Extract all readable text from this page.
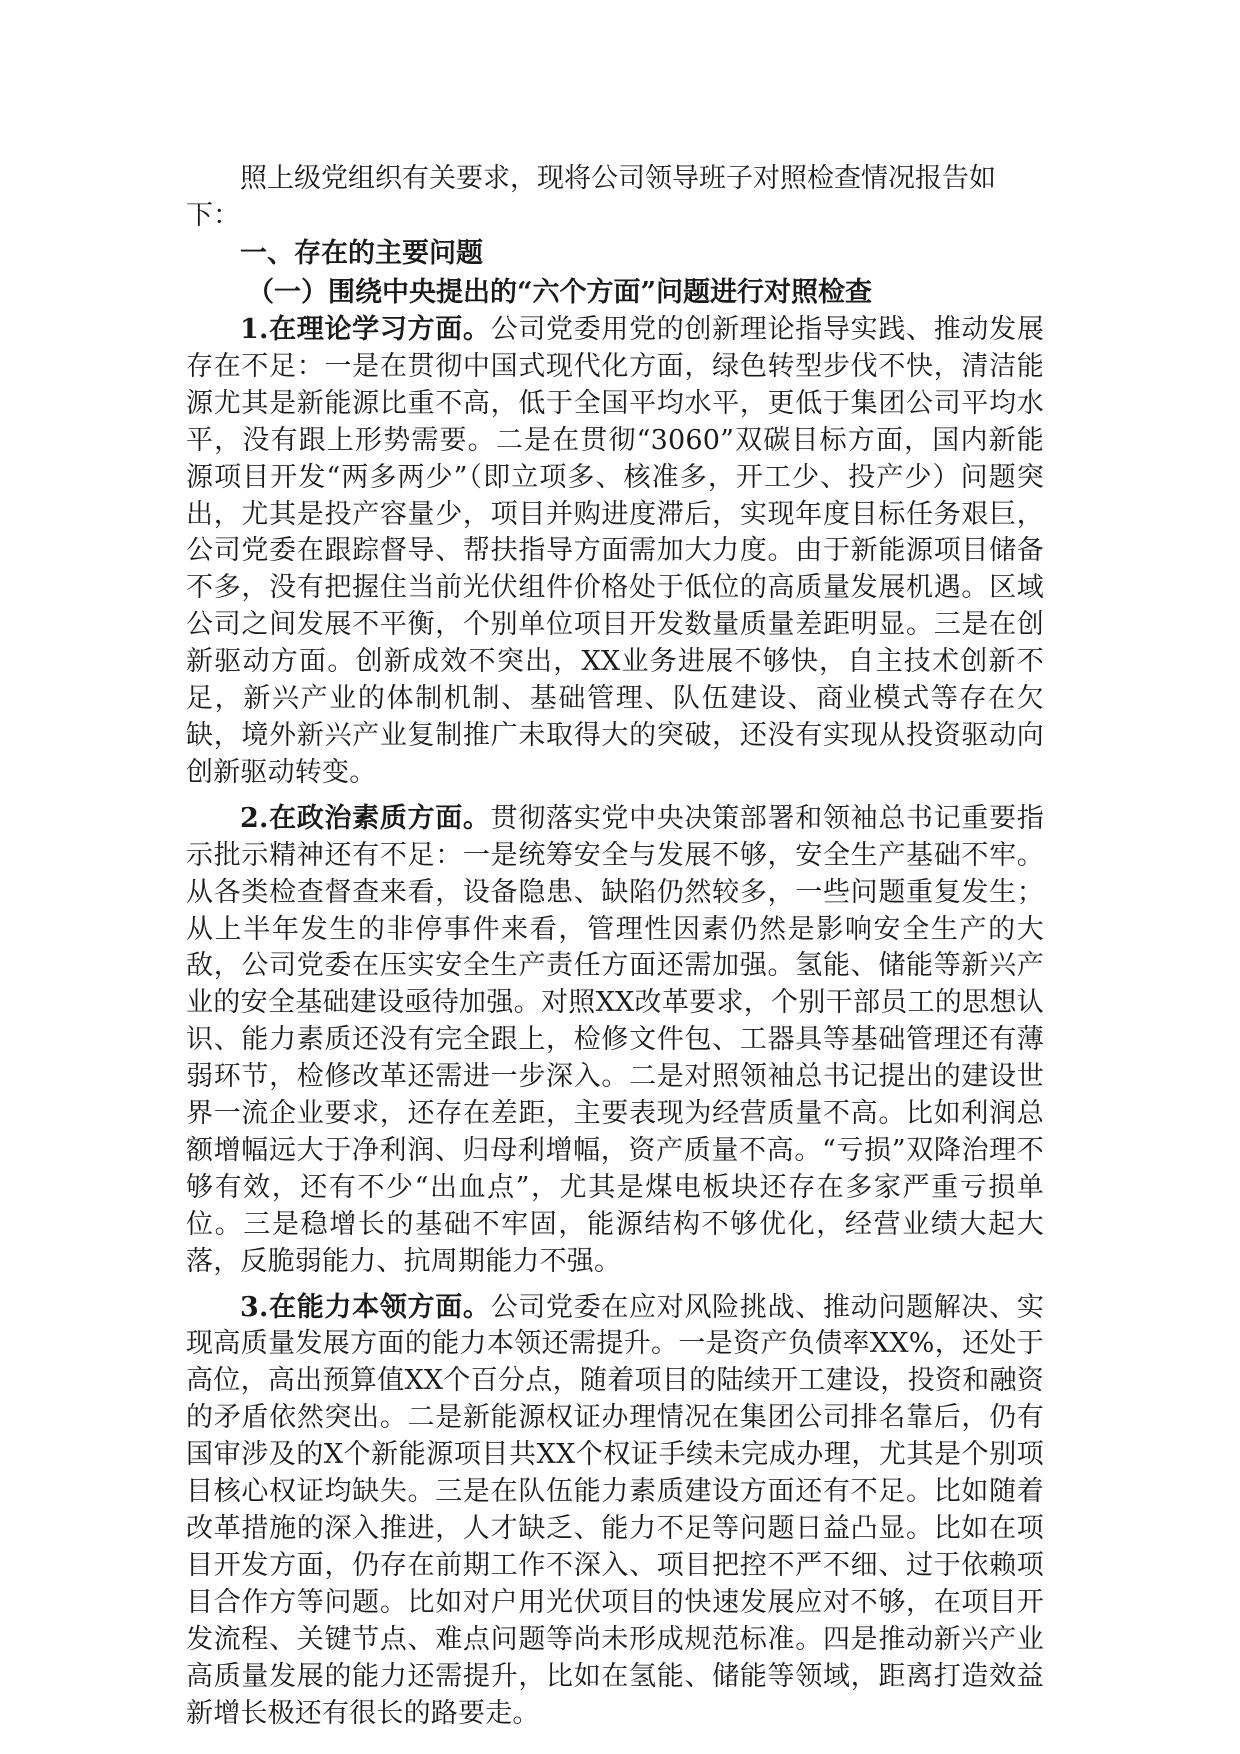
照上级党组织有关要求，现将公司领导班子对照检查情况报告如下：

一、存在的主要问题

（一）围绕中央提出的“六个方面”问题进行对照检查

1.在理论学习方面。公司党委用党的创新理论指导实践、推动发展存在不足：一是在贯彻中国式现代化方面，绿色转型步伐不快，清洁能源尤其是新能源比重不高，低于全国平均水平，更低于集团公司平均水平，没有跟上形势需要。二是在贯彻“3060”双碳目标方面，国内新能源项目开发“两多两少”（即立项多、核准多，开工少、投产少）问题突出，尤其是投产容量少，项目并购进度滞后，实现年度目标任务艰巨，公司党委在跟踪督导、帮扶指导方面需加大力度。由于新能源项目储备不多，没有把握住当前光伏组件价格处于低位的高质量发展机遇。区域公司之间发展不平衡，个别单位项目开发数量质量差距明显。三是在创新驱动方面。创新成效不突出，XX业务进展不够快，自主技术创新不足，新兴产业的体制机制、基础管理、队伍建设、商业模式等存在欠缺，境外新兴产业复制推广未取得大的突破，还没有实现从投资驱动向创新驱动转变。

2.在政治素质方面。贯彻落实党中央决策部署和领袖总书记重要指示批示精神还有不足：一是统筹安全与发展不够，安全生产基础不牢。从各类检查督查来看，设备隐患、缺陷仍然较多，一些问题重复发生；从上半年发生的非停事件来看，管理性因素仍然是影响安全生产的大敌，公司党委在压实安全生产责任方面还需加强。氢能、储能等新兴产业的安全基础建设亟待加强。对照XX改革要求，个别干部员工的思想认识、能力素质还没有完全跟上，检修文件包、工器具等基础管理还有薄弱环节，检修改革还需进一步深入。二是对照领袖总书记提出的建设世界一流企业要求，还存在差距，主要表现为经营质量不高。比如利润总额增幅远大于净利润、归母利增幅，资产质量不高。“亏损”双降治理不够有效，还有不少“出血点”，尤其是煤电板块还存在多家严重亏损单位。三是稳增长的基础不牢固，能源结构不够优化，经营业绩大起大落，反脆弱能力、抗周期能力不强。

3.在能力本领方面。公司党委在应对风险挑战、推动问题解决、实现高质量发展方面的能力本领还需提升。一是资产负债率XX%，还处于高位，高出预算值XX个百分点，随着项目的陆续开工建设，投资和融资的矛盾依然突出。二是新能源权证办理情况在集团公司排名靠后，仍有国审涉及的X个新能源项目共XX个权证手续未完成办理，尤其是个别项目核心权证均缺失。三是在队伍能力素质建设方面还有不足。比如随着改革措施的深入推进，人才缺乏、能力不足等问题日益凸显。比如在项目开发方面，仍存在前期工作不深入、项目把控不严不细、过于依赖项目合作方等问题。比如对户用光伏项目的快速发展应对不够，在项目开发流程、关键节点、难点问题等尚未形成规范标准。四是推动新兴产业高质量发展的能力还需提升，比如在氢能、储能等领域，距离打造效益新增长极还有很长的路要走。
